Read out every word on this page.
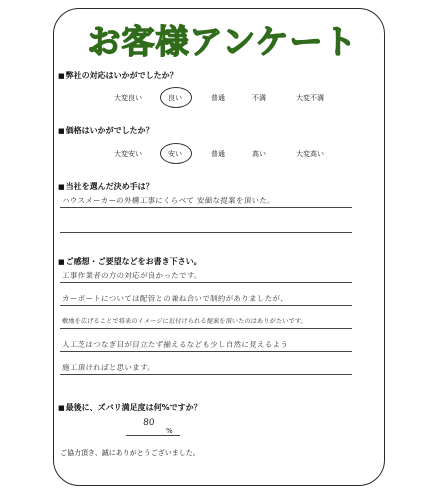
お客様アンケート
■弊社の対応はいかがでしたか？
大変良い	良い	普通	不満	大変不満
■価格はいかがでしたか？
大変安い	安い	普通	高い	大変高い
■当社を選んだ決め手は？
ハウスメーカーの外構工事にくらべて 安価な提案を頂いた。
■ご感想・ご要望などをお書き下さい。
工事作業者の方の対応が良かったです。
カーポートについては配管との兼ね合いで制約がありましたが、
敷地を広げることで将来のイメージに近付けられる提案を頂いたのはありがたいです。
人工芝はつなぎ目が目立たず揃えるなども少し自然に見えるよう
施工頂ければと思います。
■最後に、ズバリ満足度は何%ですか？
80
%
ご協力頂き、誠にありがとうございました。
